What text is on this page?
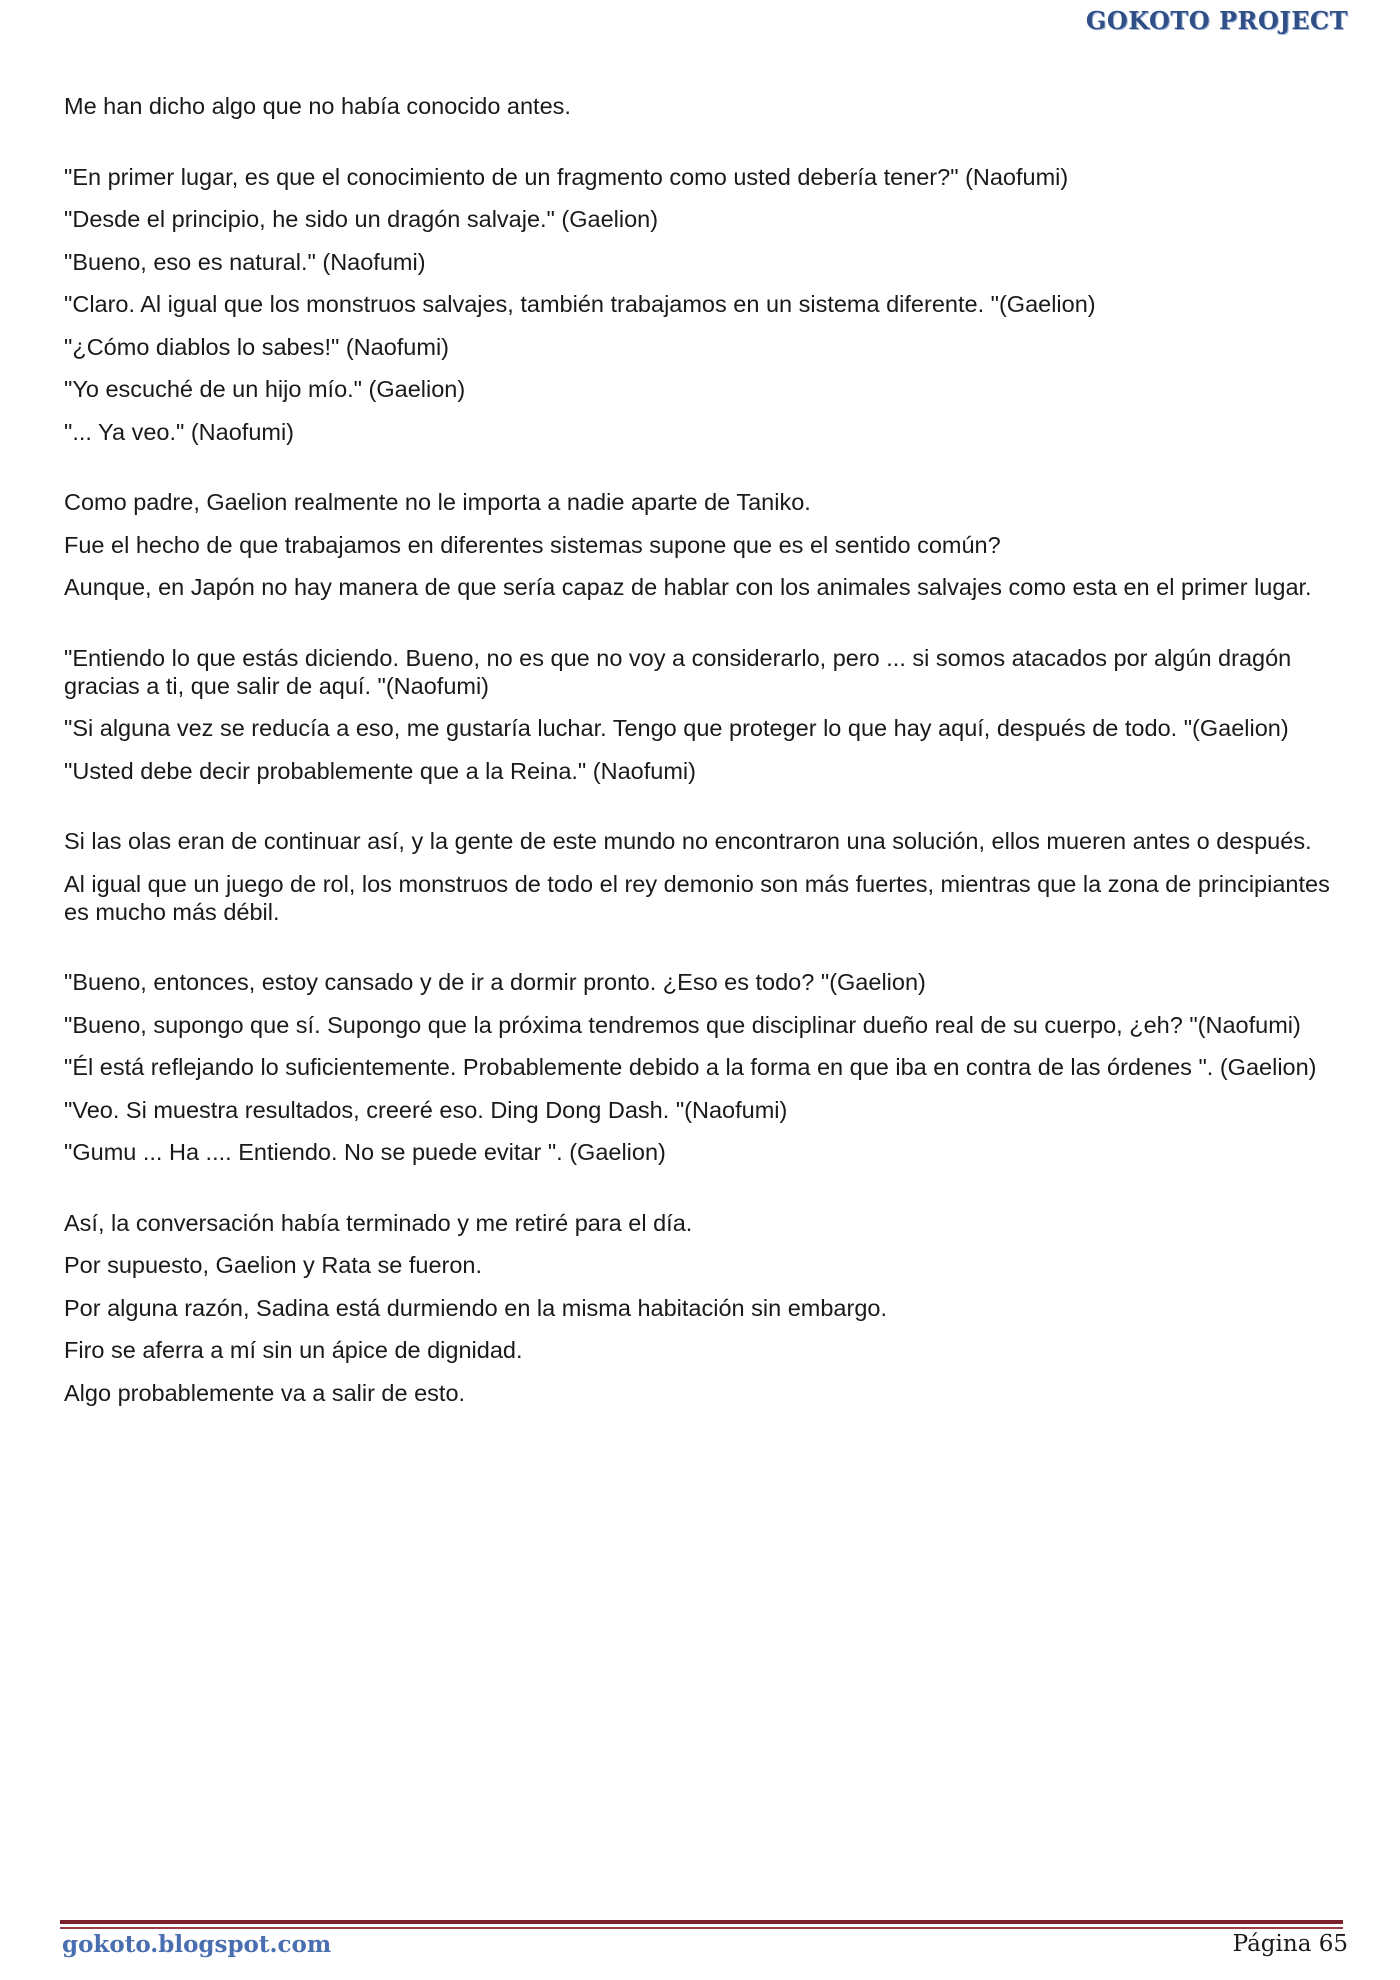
GOKOTO PROJECT

Me han dicho algo que no había conocido antes.

"En primer lugar, es que el conocimiento de un fragmento como usted debería tener?" (Naofumi)

"Desde el principio, he sido un dragón salvaje." (Gaelion)

"Bueno, eso es natural." (Naofumi)

"Claro. Al igual que los monstruos salvajes, también trabajamos en un sistema diferente. "(Gaelion)

"¿Cómo diablos lo sabes!" (Naofumi)

"Yo escuché de un hijo mío." (Gaelion)

"... Ya veo." (Naofumi)

Como padre, Gaelion realmente no le importa a nadie aparte de Taniko.

Fue el hecho de que trabajamos en diferentes sistemas supone que es el sentido común?

Aunque, en Japón no hay manera de que sería capaz de hablar con los animales salvajes como esta en el primer lugar.

"Entiendo lo que estás diciendo. Bueno, no es que no voy a considerarlo, pero ... si somos atacados por algún dragón gracias a ti, que salir de aquí. "(Naofumi)

"Si alguna vez se reducía a eso, me gustaría luchar. Tengo que proteger lo que hay aquí, después de todo. "(Gaelion)

"Usted debe decir probablemente que a la Reina." (Naofumi)

Si las olas eran de continuar así, y la gente de este mundo no encontraron una solución, ellos mueren antes o después.

Al igual que un juego de rol, los monstruos de todo el rey demonio son más fuertes, mientras que la zona de principiantes es mucho más débil.

"Bueno, entonces, estoy cansado y de ir a dormir pronto. ¿Eso es todo? "(Gaelion)

"Bueno, supongo que sí. Supongo que la próxima tendremos que disciplinar dueño real de su cuerpo, ¿eh? "(Naofumi)

"Él está reflejando lo suficientemente. Probablemente debido a la forma en que iba en contra de las órdenes ". (Gaelion)

"Veo. Si muestra resultados, creeré eso. Ding Dong Dash. "(Naofumi)

"Gumu ... Ha .... Entiendo. No se puede evitar ". (Gaelion)

Así, la conversación había terminado y me retiré para el día.

Por supuesto, Gaelion y Rata se fueron.

Por alguna razón, Sadina está durmiendo en la misma habitación sin embargo.

Firo se aferra a mí sin un ápice de dignidad.

Algo probablemente va a salir de esto.

gokoto.blogspot.com	Página 65
